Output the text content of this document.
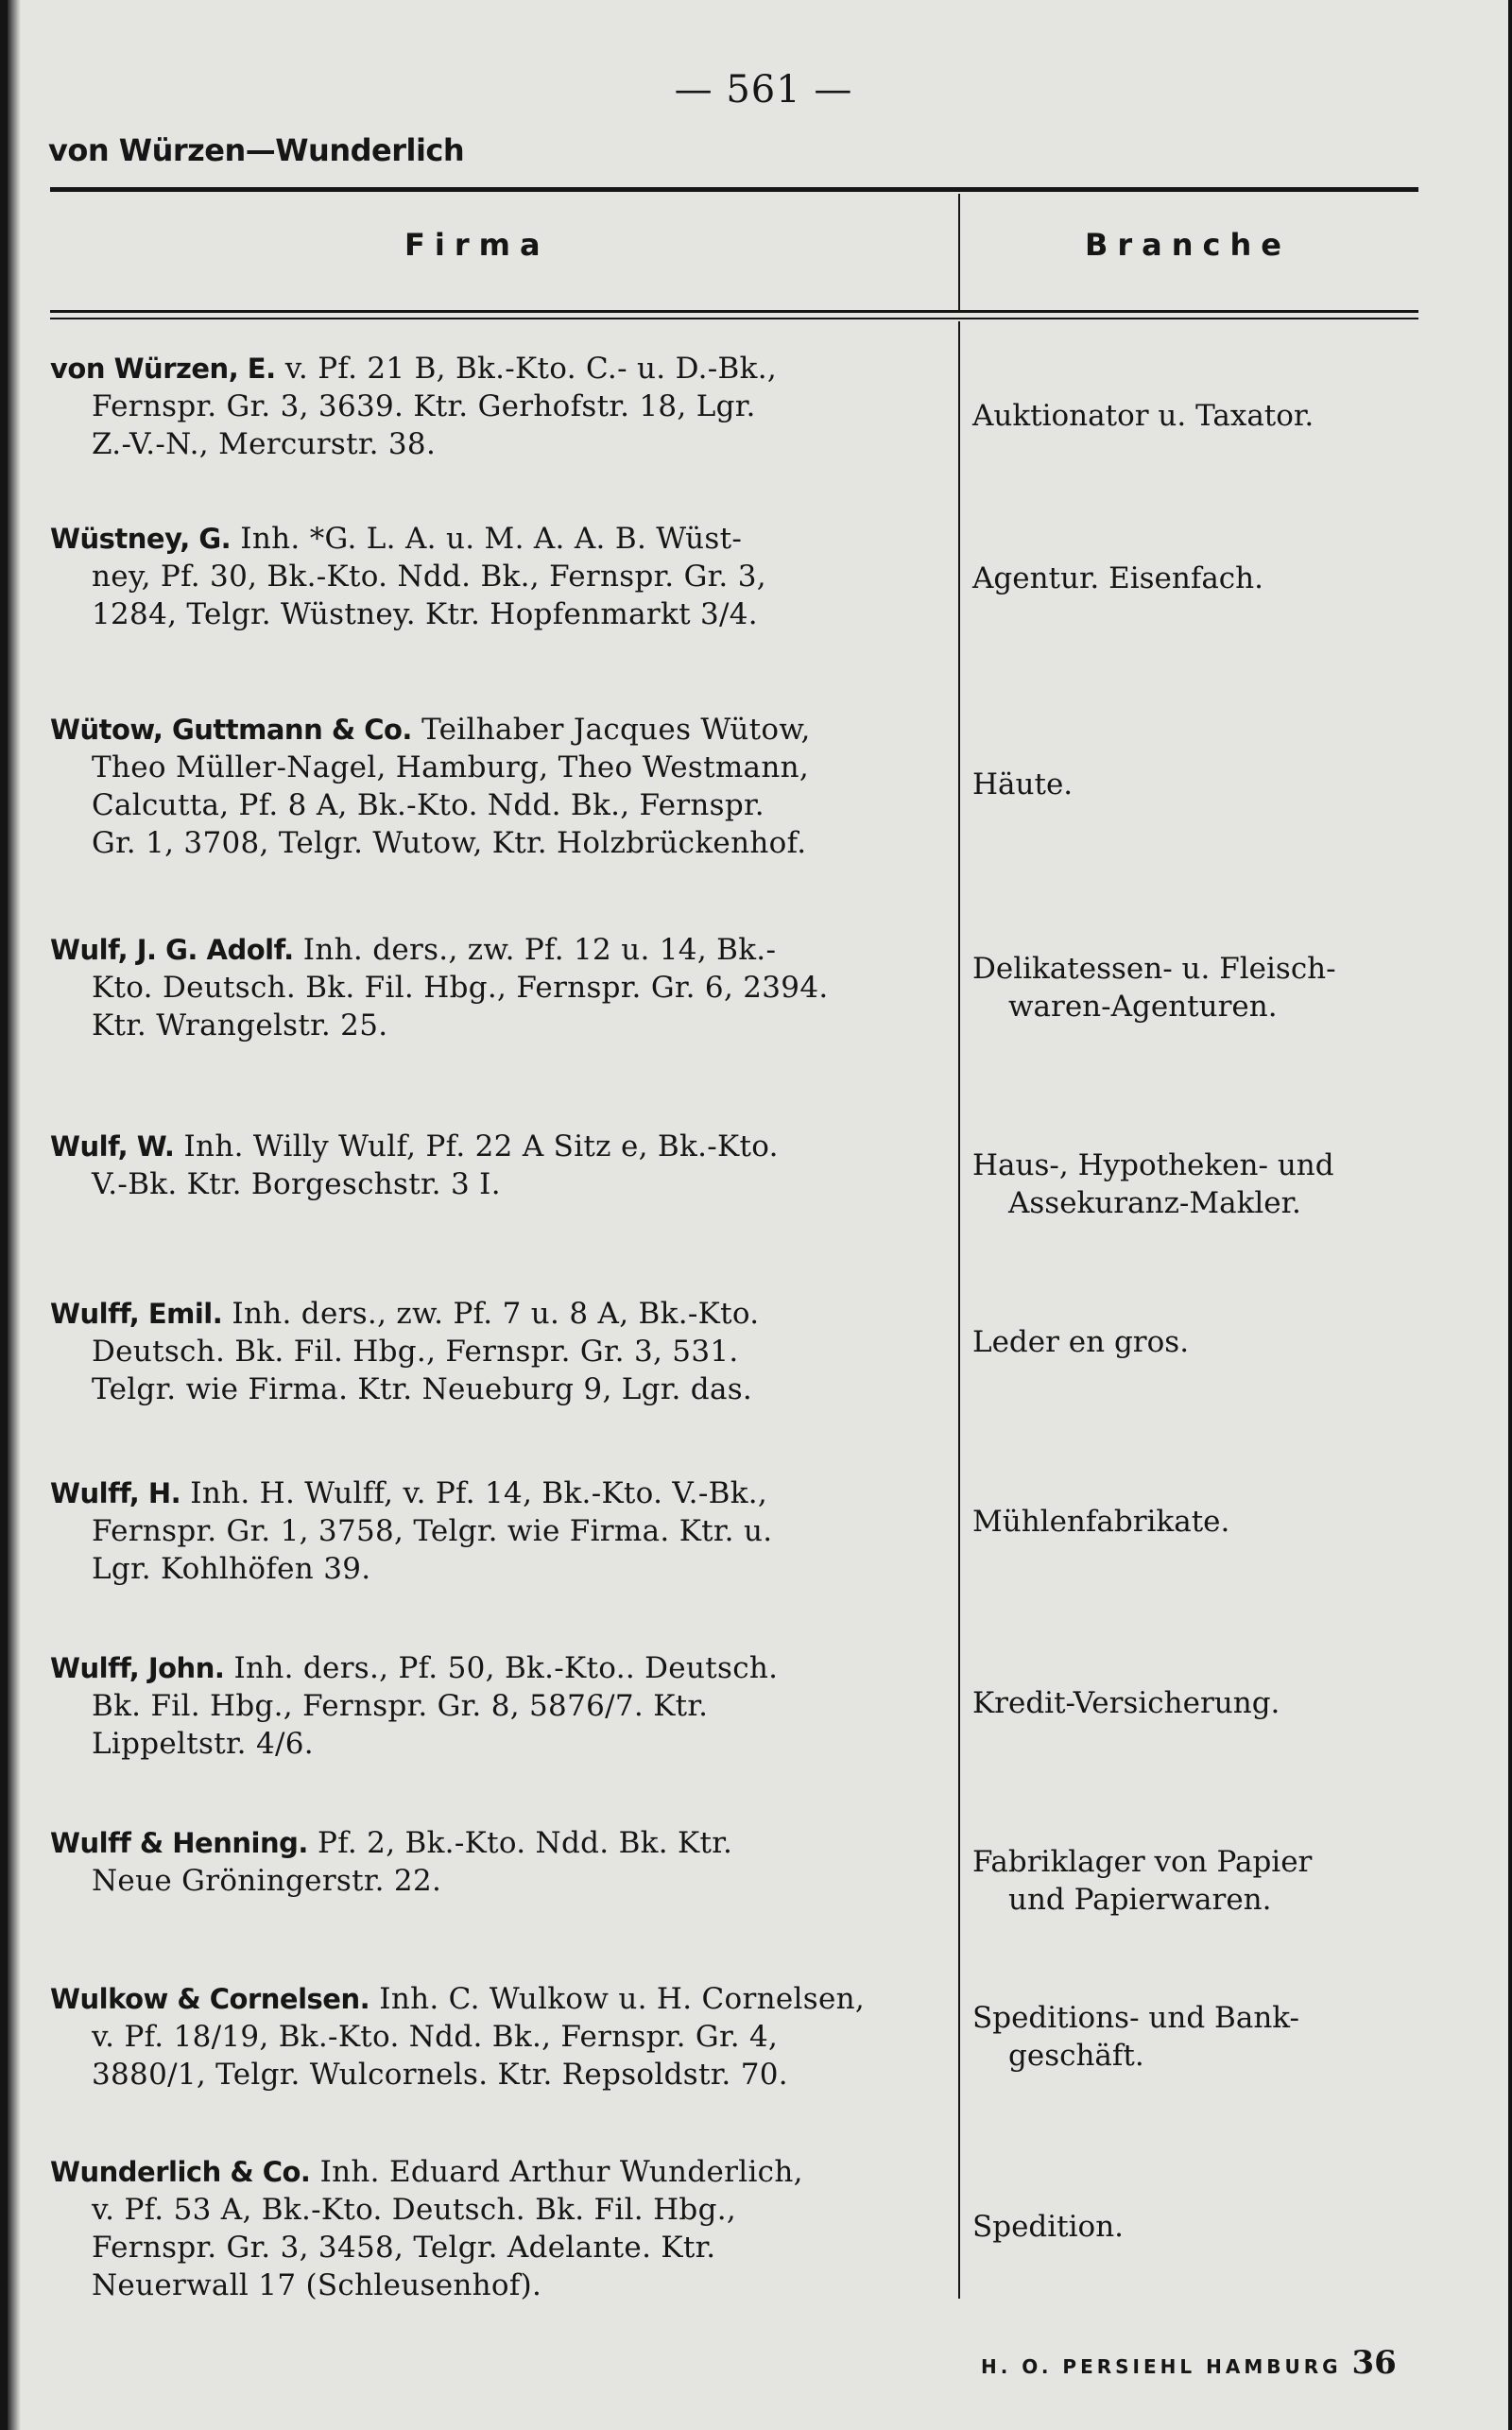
— 561 —
von Würzen—Wunderlich
Firma	Branche
von Würzen, E. v. Pf. 21 B, Bk.-Kto. C.- u. D.-Bk.,
Fernspr. Gr. 3, 3639. Ktr. Gerhofstr. 18, Lgr.
Z.-V.-N., Mercurstr. 38.
Auktionator u. Taxator.
Wüstney, G. Inh. *G. L. A. u. M. A. A. B. Wüst-
ney, Pf. 30, Bk.-Kto. Ndd. Bk., Fernspr. Gr. 3,
1284, Telgr. Wüstney. Ktr. Hopfenmarkt 3/4.
Agentur. Eisenfach.
Wütow, Guttmann & Co. Teilhaber Jacques Wütow,
Theo Müller-Nagel, Hamburg, Theo Westmann,
Calcutta, Pf. 8 A, Bk.-Kto. Ndd. Bk., Fernspr.
Gr. 1, 3708, Telgr. Wutow, Ktr. Holzbrückenhof.
Häute.
Wulf, J. G. Adolf. Inh. ders., zw. Pf. 12 u. 14, Bk.-
Kto. Deutsch. Bk. Fil. Hbg., Fernspr. Gr. 6, 2394.
Ktr. Wrangelstr. 25.
Delikatessen- u. Fleisch-
waren-Agenturen.
Wulf, W. Inh. Willy Wulf, Pf. 22 A Sitz e, Bk.-Kto.
V.-Bk. Ktr. Borgeschstr. 3 I.
Haus-, Hypotheken- und
Assekuranz-Makler.
Wulff, Emil. Inh. ders., zw. Pf. 7 u. 8 A, Bk.-Kto.
Deutsch. Bk. Fil. Hbg., Fernspr. Gr. 3, 531.
Telgr. wie Firma. Ktr. Neueburg 9, Lgr. das.
Leder en gros.
Wulff, H. Inh. H. Wulff, v. Pf. 14, Bk.-Kto. V.-Bk.,
Fernspr. Gr. 1, 3758, Telgr. wie Firma. Ktr. u.
Lgr. Kohlhöfen 39.
Mühlenfabrikate.
Wulff, John. Inh. ders., Pf. 50, Bk.-Kto.. Deutsch.
Bk. Fil. Hbg., Fernspr. Gr. 8, 5876/7. Ktr.
Lippeltstr. 4/6.
Kredit-Versicherung.
Wulff & Henning. Pf. 2, Bk.-Kto. Ndd. Bk. Ktr.
Neue Gröningerstr. 22.
Fabriklager von Papier
und Papierwaren.
Wulkow & Cornelsen. Inh. C. Wulkow u. H. Cornelsen,
v. Pf. 18/19, Bk.-Kto. Ndd. Bk., Fernspr. Gr. 4,
3880/1, Telgr. Wulcornels. Ktr. Repsoldstr. 70.
Speditions- und Bank-
geschäft.
Wunderlich & Co. Inh. Eduard Arthur Wunderlich,
v. Pf. 53 A, Bk.-Kto. Deutsch. Bk. Fil. Hbg.,
Fernspr. Gr. 3, 3458, Telgr. Adelante. Ktr.
Neuerwall 17 (Schleusenhof).
Spedition.
H. O. PERSIEHL HAMBURG 36
